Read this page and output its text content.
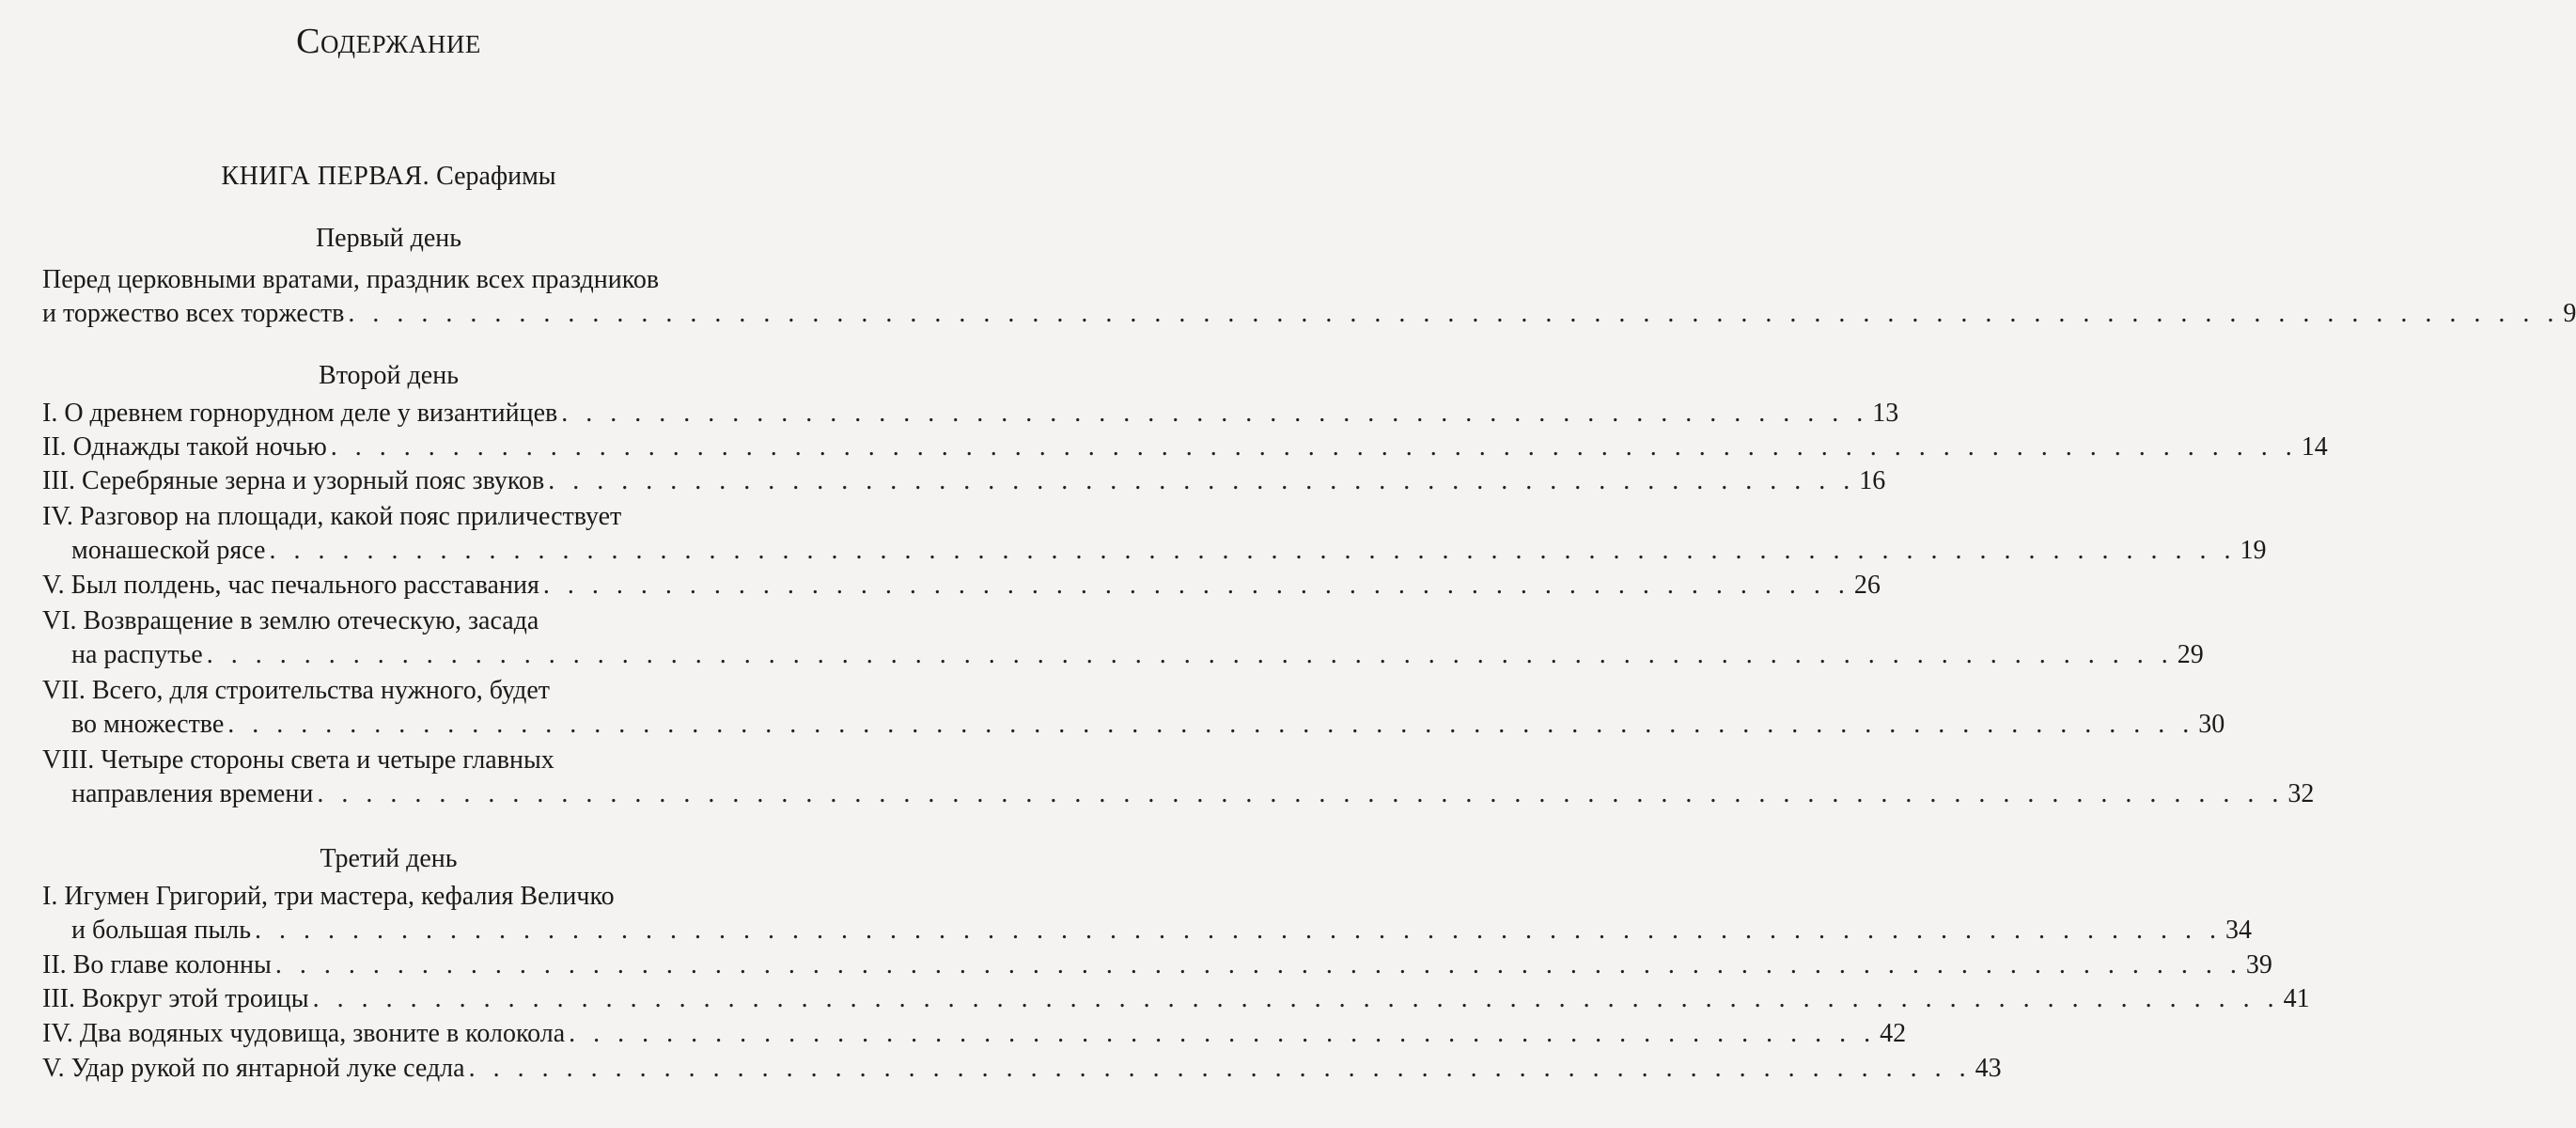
Содержание
КНИГА ПЕРВАЯ. Серафимы
Первый день
Перед церковными вратами, праздник всех праздников
и торжество всех торжеств . . . . . . . . . . . . . . . . . . . . . . . . . . . . . . . . . . . . . . . . . . . . . . . . . . . . . . . . . . . . . . . . . . . . . . . . . . . . . . . . . . . . . . . . . . . 9
Второй день
I. О древнем горнорудном деле у византийцев . . . . . . . . . . . . . . . . . . . . . . . . . . . . . . . . . . . . . . . . . . . . . . . . . . . . . . 13
II. Однажды такой ночью . . . . . . . . . . . . . . . . . . . . . . . . . . . . . . . . . . . . . . . . . . . . . . . . . . . . . . . . . . . . . . . . . . . . . . . . . . . . . . . . . 14
III. Серебряные зерна и узорный пояс звуков . . . . . . . . . . . . . . . . . . . . . . . . . . . . . . . . . . . . . . . . . . . . . . . . . . . . . . 16
IV. Разговор на площади, какой пояс приличествует
монашеской рясе . . . . . . . . . . . . . . . . . . . . . . . . . . . . . . . . . . . . . . . . . . . . . . . . . . . . . . . . . . . . . . . . . . . . . . . . . . . . . . . . . 19
V. Был полдень, час печального расставания . . . . . . . . . . . . . . . . . . . . . . . . . . . . . . . . . . . . . . . . . . . . . . . . . . . . . . 26
VI. Возвращение в землю отеческую, засада
на распутье . . . . . . . . . . . . . . . . . . . . . . . . . . . . . . . . . . . . . . . . . . . . . . . . . . . . . . . . . . . . . . . . . . . . . . . . . . . . . . . . . 29
VII. Всего, для строительства нужного, будет
во множестве . . . . . . . . . . . . . . . . . . . . . . . . . . . . . . . . . . . . . . . . . . . . . . . . . . . . . . . . . . . . . . . . . . . . . . . . . . . . . . . . . 30
VIII. Четыре стороны света и четыре главных
направления времени . . . . . . . . . . . . . . . . . . . . . . . . . . . . . . . . . . . . . . . . . . . . . . . . . . . . . . . . . . . . . . . . . . . . . . . . . . . . . . . . . 32
Третий день
I. Игумен Григорий, три мастера, кефалия Величко
и большая пыль . . . . . . . . . . . . . . . . . . . . . . . . . . . . . . . . . . . . . . . . . . . . . . . . . . . . . . . . . . . . . . . . . . . . . . . . . . . . . . . . . 34
II. Во главе колонны . . . . . . . . . . . . . . . . . . . . . . . . . . . . . . . . . . . . . . . . . . . . . . . . . . . . . . . . . . . . . . . . . . . . . . . . . . . . . . . . . 39
III. Вокруг этой троицы . . . . . . . . . . . . . . . . . . . . . . . . . . . . . . . . . . . . . . . . . . . . . . . . . . . . . . . . . . . . . . . . . . . . . . . . . . . . . . . . . 41
IV. Два водяных чудовища, звоните в колокола . . . . . . . . . . . . . . . . . . . . . . . . . . . . . . . . . . . . . . . . . . . . . . . . . . . . . . 42
V. Удар рукой по янтарной луке седла . . . . . . . . . . . . . . . . . . . . . . . . . . . . . . . . . . . . . . . . . . . . . . . . . . . . . . . . . . . . . . 43
